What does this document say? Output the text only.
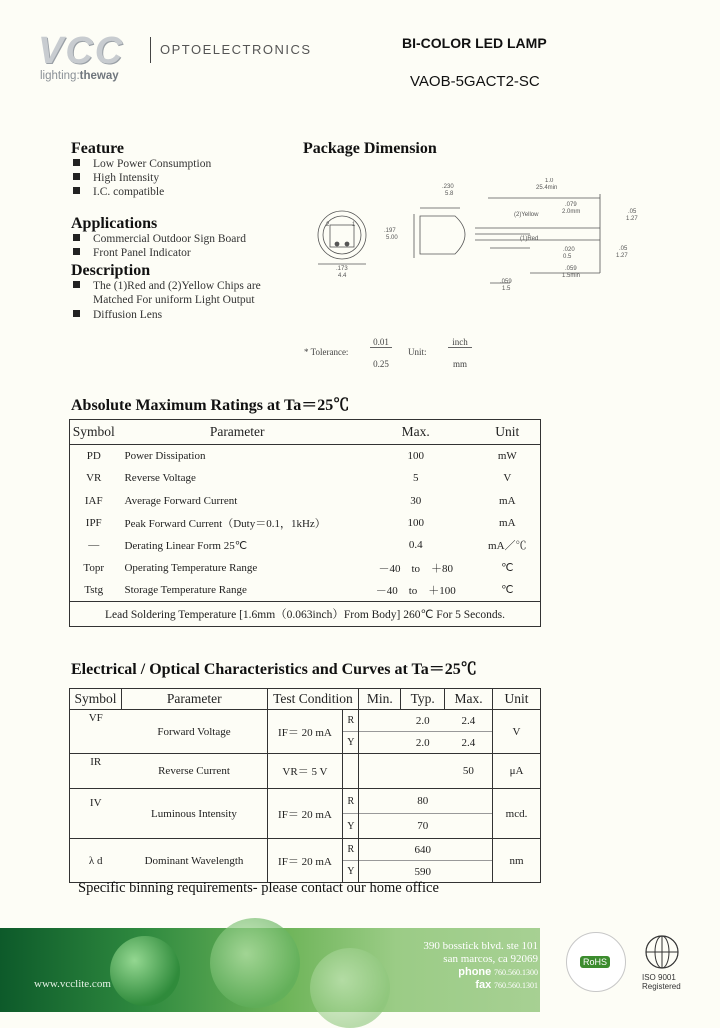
VCC	OPTOELECTRONICS
lighting:theway
BI-COLOR LED LAMP
VAOB-5GACT2-SC
Feature
Low Power Consumption
High Intensity
I.C. compatible
Applications
Commercial Outdoor Sign Board
Front Panel Indicator
Description
The (1)Red and (2)Yellow Chips are
Matched For uniform Light Output
Diffusion Lens
Package Dimension
.230
5.8
1.0
25.4min
(2)Yellow
.079
2.0mm
(1)Red
.05
1.27
.020
0.5
.05
1.27
.059
1.5
.059
1.5min
.197
5.00
.173
4.4
2	1
* Tolerance:
0.01
0.25
Unit:
inch
mm
Absolute Maximum Ratings at Ta＝25℃
Symbol	Parameter	Max.	Unit
PD	Power Dissipation	100	mW
VR	Reverse Voltage	5	V
IAF	Average Forward Current	30	mA
IPF	Peak Forward Current（Duty＝0.1，1kHz）	100	mA
—	Derating Linear Form 25℃	0.4	mA／℃
Topr	Operating Temperature Range	－40　to　＋80	℃
Tstg	Storage Temperature Range	－40　to　＋100	℃
Lead Soldering Temperature [1.6mm（0.063inch）From Body] 260℃ For 5 Seconds.			
Electrical / Optical Characteristics and Curves at Ta＝25℃
Symbol	Parameter	Test Condition		Min.	Typ.	Max.	Unit
VF	Forward Voltage	IF＝ 20 mA	R		2.0	2.4	V
			Y		2.0	2.4	
IR	Reverse Current	VR＝ 5 V				50	μA
IV	Luminous Intensity	IF＝ 20 mA	R		80		mcd.
			Y		70		
λ d	Dominant Wavelength	IF＝ 20 mA	R		640		nm
			Y		590		
Specific binning requirements- please contact our home office
www.vcclite.com
390 bosstick blvd. ste 101
san marcos, ca 92069
phone 760.560.1300
fax 760.560.1301
RoHS
ISO 9001
Registered
